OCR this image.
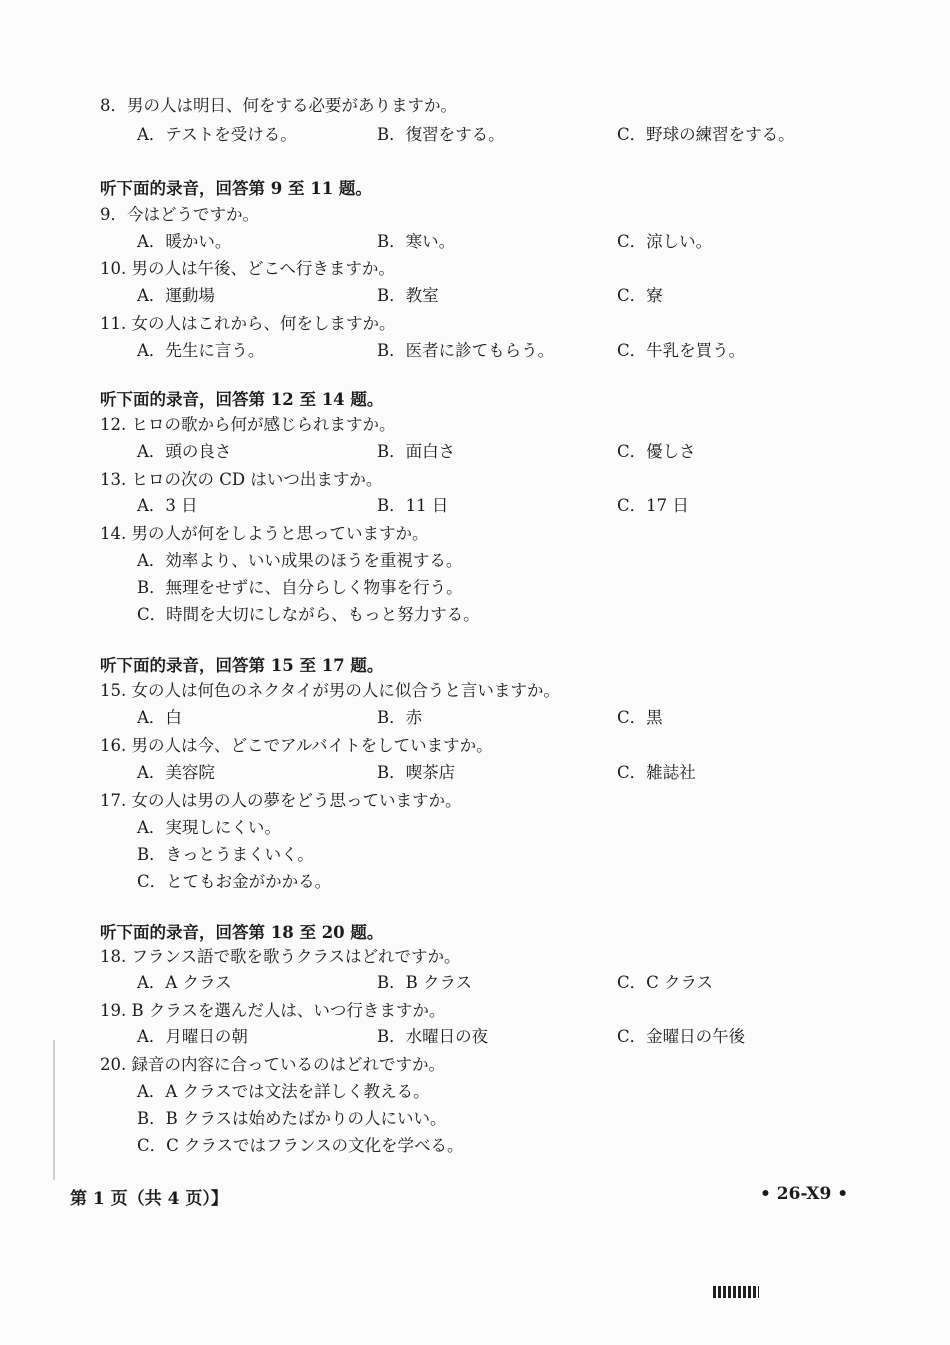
第 1 页（共 4 页）】	• 26-X9 •
8．男の人は明日、何をする必要がありますか。
A．テストを受ける。	B．復習をする。	C．野球の練習をする。
听下面的录音，回答第 9 至 11 题。
9．今はどうですか。
A．暖かい。	B．寒い。	C．涼しい。
10. 男の人は午後、どこへ行きますか。
A．運動場	B．教室	C．寮
11. 女の人はこれから、何をしますか。
A．先生に言う。	B．医者に診てもらう。	C．牛乳を買う。
听下面的录音，回答第 12 至 14 题。
12. ヒロの歌から何が感じられますか。
A．頭の良さ	B．面白さ	C．優しさ
13. ヒロの次の CD はいつ出ますか。
A．3 日	B．11 日	C．17 日
14. 男の人が何をしようと思っていますか。
A．効率より、いい成果のほうを重視する。
B．無理をせずに、自分らしく物事を行う。
C．時間を大切にしながら、もっと努力する。
听下面的录音，回答第 15 至 17 题。
15. 女の人は何色のネクタイが男の人に似合うと言いますか。
A．白	B．赤	C．黒
16. 男の人は今、どこでアルバイトをしていますか。
A．美容院	B．喫茶店	C．雑誌社
17. 女の人は男の人の夢をどう思っていますか。
A．実現しにくい。
B．きっとうまくいく。
C．とてもお金がかかる。
听下面的录音，回答第 18 至 20 题。
18. フランス語で歌を歌うクラスはどれですか。
A．A クラス	B．B クラス	C．C クラス
19. B クラスを選んだ人は、いつ行きますか。
A．月曜日の朝	B．水曜日の夜	C．金曜日の午後
20. 録音の内容に合っているのはどれですか。
A．A クラスでは文法を詳しく教える。
B．B クラスは始めたばかりの人にいい。
C．C クラスではフランスの文化を学べる。
